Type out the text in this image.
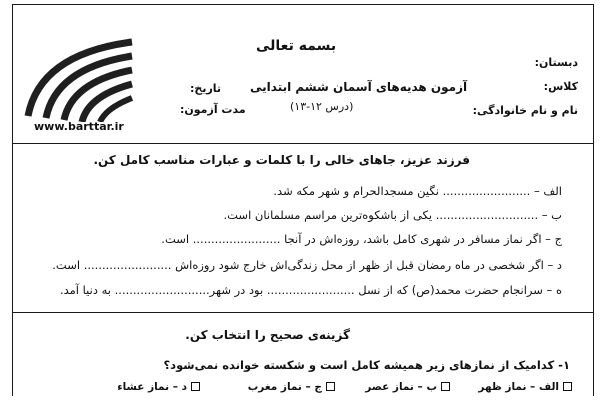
www.barttar.ir
بسمه تعالی
دبستان:
کلاس:
نام و نام خانوادگی:
آزمون هدیه‌های آسمان ششم ابتدایی
(درس ۱۲-۱۳)
تاریخ:
مدت آزمون:
فرزند عزیز، جاهای خالی را با کلمات و عبارات مناسب کامل کن.
الف – ........................ نگین مسجدالحرام و شهر مکه شد.
ب – ............................ یکی از باشکوه‌ترین مراسم مسلمانان است.
ج – اگر نماز مسافر در شهری کامل باشد، روزه‌اش در آنجا ........................ است.
د – اگر شخصی در ماه رمضان قبل از ظهر از محل زندگی‌اش خارج شود روزه‌اش ........................ است.
ه – سرانجام حضرت محمد(ص) که از نسل ........................ بود در شهر.......................... به دنیا آمد.
گزینه‌ی صحیح را انتخاب کن.
۱- کدامیک از نمازهای زیر همیشه کامل است و شکسته خوانده نمی‌شود؟
الف – نماز ظهر
ب – نماز عصر
ج – نماز مغرب
د – نماز عشاء
